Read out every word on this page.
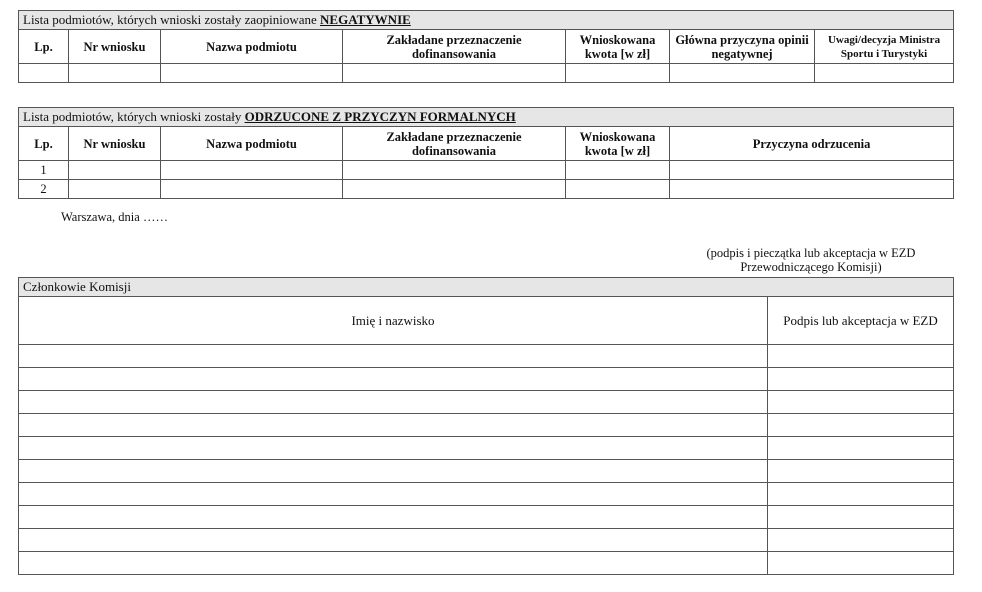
Lista podmiotów, których wnioski zostały zaopiniowane NEGATYWNIE						
Lp.	Nr wniosku	Nazwa podmiotu	Zakładane przeznaczenie dofinansowania	Wnioskowana kwota [w zł]	Główna przyczyna opinii negatywnej	Uwagi/decyzja Ministra Sportu i Turystyki

Lista podmiotów, których wnioski zostały ODRZUCONE Z PRZYCZYN FORMALNYCH					
Lp.	Nr wniosku	Nazwa podmiotu	Zakładane przeznaczenie dofinansowania	Wnioskowana kwota [w zł]	Przyczyna odrzucenia
1					
2					
Warszawa, dnia ……
(podpis i pieczątka lub akceptacja w EZD Przewodniczącego Komisji)
Członkowie Komisji	
Imię i nazwisko	Podpis lub akceptacja w EZD
